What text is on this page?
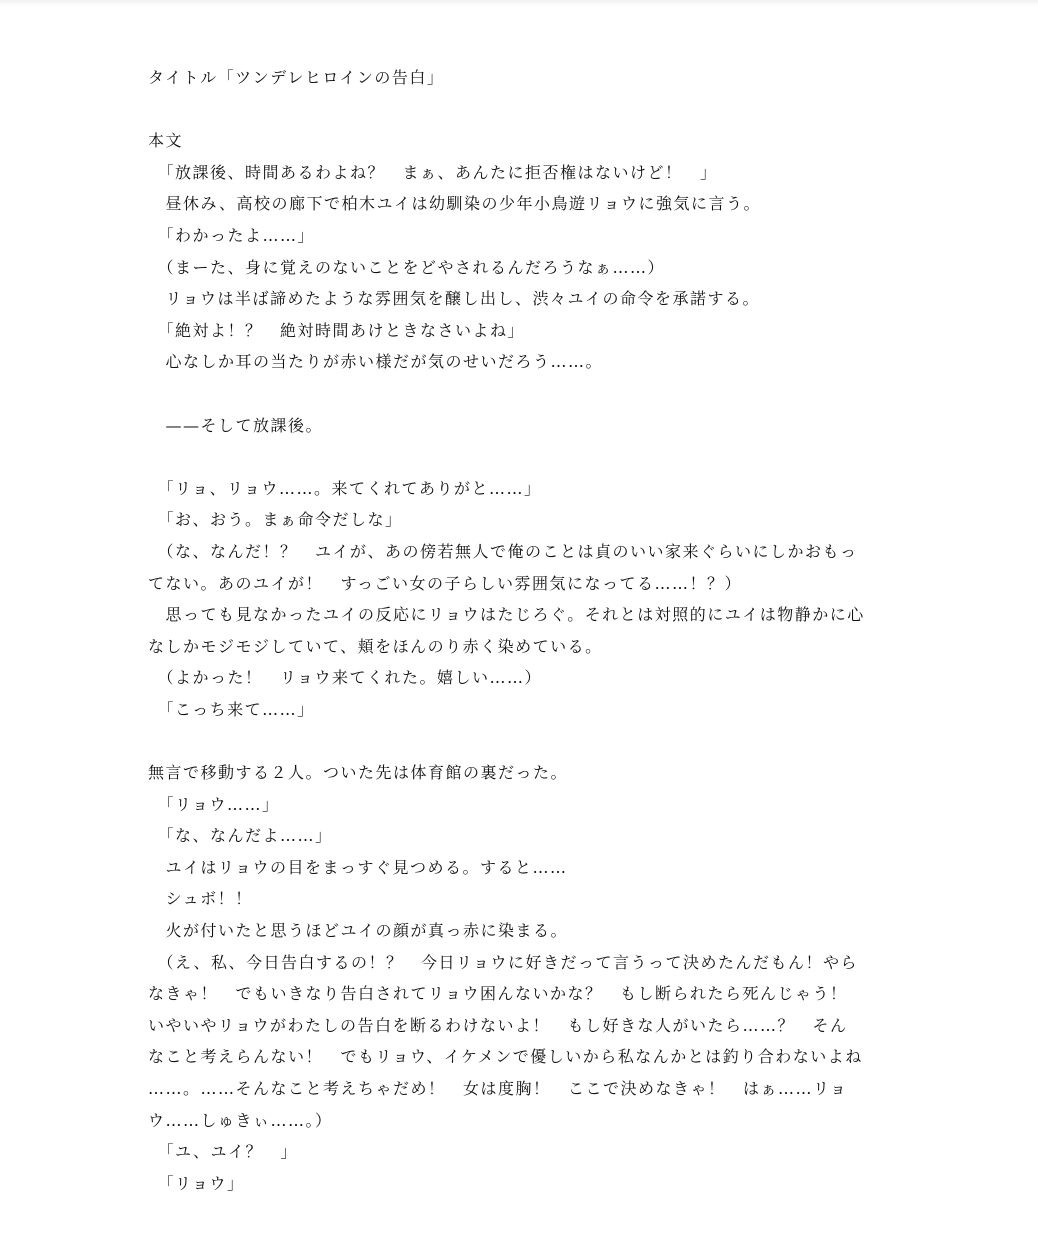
タイトル「ツンデレヒロインの告白」
本文
　「放課後、時間あるわよね？　まぁ、あんたに拒否権はないけど！　」
　昼休み、高校の廊下で柏木ユイは幼馴染の少年小鳥遊リョウに強気に言う。
　「わかったよ……」
　（まーた、身に覚えのないことをどやされるんだろうなぁ……）
　リョウは半ば諦めたような雰囲気を醸し出し、渋々ユイの命令を承諾する。
　「絶対よ！？　絶対時間あけときなさいよね」
　心なしか耳の当たりが赤い様だが気のせいだろう……。
　——そして放課後。
　「リョ、リョウ……。来てくれてありがと……」
　「お、おう。まぁ命令だしな」
　（な、なんだ！？　ユイが、あの傍若無人で俺のことは貞のいい家来ぐらいにしかおもっ
てない。あのユイが！　すっごい女の子らしい雰囲気になってる……！？）
　思っても見なかったユイの反応にリョウはたじろぐ。それとは対照的にユイは物静かに心
なしかモジモジしていて、頬をほんのり赤く染めている。
　（よかった！　リョウ来てくれた。嬉しい……）
　「こっち来て……」
無言で移動する２人。ついた先は体育館の裏だった。
　「リョウ……」
　「な、なんだよ……」
　ユイはリョウの目をまっすぐ見つめる。すると……
　シュボ！！
　火が付いたと思うほどユイの顔が真っ赤に染まる。
　（え、私、今日告白するの！？　今日リョウに好きだって言うって決めたんだもん！やら
なきゃ！　でもいきなり告白されてリョウ困んないかな？　もし断られたら死んじゃう！
いやいやリョウがわたしの告白を断るわけないよ！　もし好きな人がいたら……？　そん
なこと考えらんない！　でもリョウ、イケメンで優しいから私なんかとは釣り合わないよね
……。……そんなこと考えちゃだめ！　女は度胸！　ここで決めなきゃ！　はぁ……リョ
ウ……しゅきぃ……。）
　「ユ、ユイ？　」
　「リョウ」
